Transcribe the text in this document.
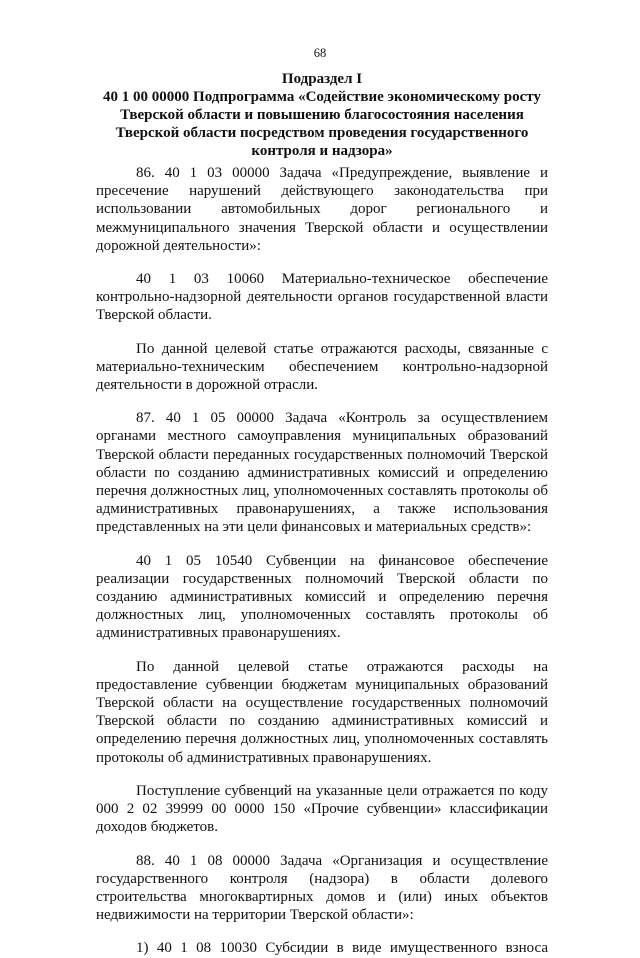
68
Подраздел I
40 1 00 00000 Подпрограмма «Содействие экономическому росту
Тверской области и повышению благосостояния населения
Тверской области посредством проведения государственного
контроля и надзора»

86. 40 1 03 00000 Задача «Предупреждение, выявление и пресечение нарушений действующего законодательства при использовании автомобильных дорог регионального и межмуниципального значения Тверской области и осуществлении дорожной деятельности»:

40 1 03 10060 Материально-техническое обеспечение контрольно-надзорной деятельности органов государственной власти Тверской области.

По данной целевой статье отражаются расходы, связанные с материально-техническим обеспечением контрольно-надзорной деятельности в дорожной отрасли.

87. 40 1 05 00000 Задача «Контроль за осуществлением органами местного самоуправления муниципальных образований Тверской области переданных государственных полномочий Тверской области по созданию административных комиссий и определению перечня должностных лиц, уполномоченных составлять протоколы об административных правонарушениях, а также использования представленных на эти цели финансовых и материальных средств»:

40 1 05 10540 Субвенции на финансовое обеспечение реализации государственных полномочий Тверской области по созданию административных комиссий и определению перечня должностных лиц, уполномоченных составлять протоколы об административных правонарушениях.

По данной целевой статье отражаются расходы на предоставление субвенции бюджетам муниципальных образований Тверской области на осуществление государственных полномочий Тверской области по созданию административных комиссий и определению перечня должностных лиц, уполномоченных составлять протоколы об административных правонарушениях.

Поступление субвенций на указанные цели отражается по коду 000 2 02 39999 00 0000 150 «Прочие субвенции» классификации доходов бюджетов.

88. 40 1 08 00000 Задача «Организация и осуществление государственного контроля (надзора) в области долевого строительства многоквартирных домов и (или) иных объектов недвижимости на территории Тверской области»:

1) 40 1 08 10030 Субсидии в виде имущественного взноса
